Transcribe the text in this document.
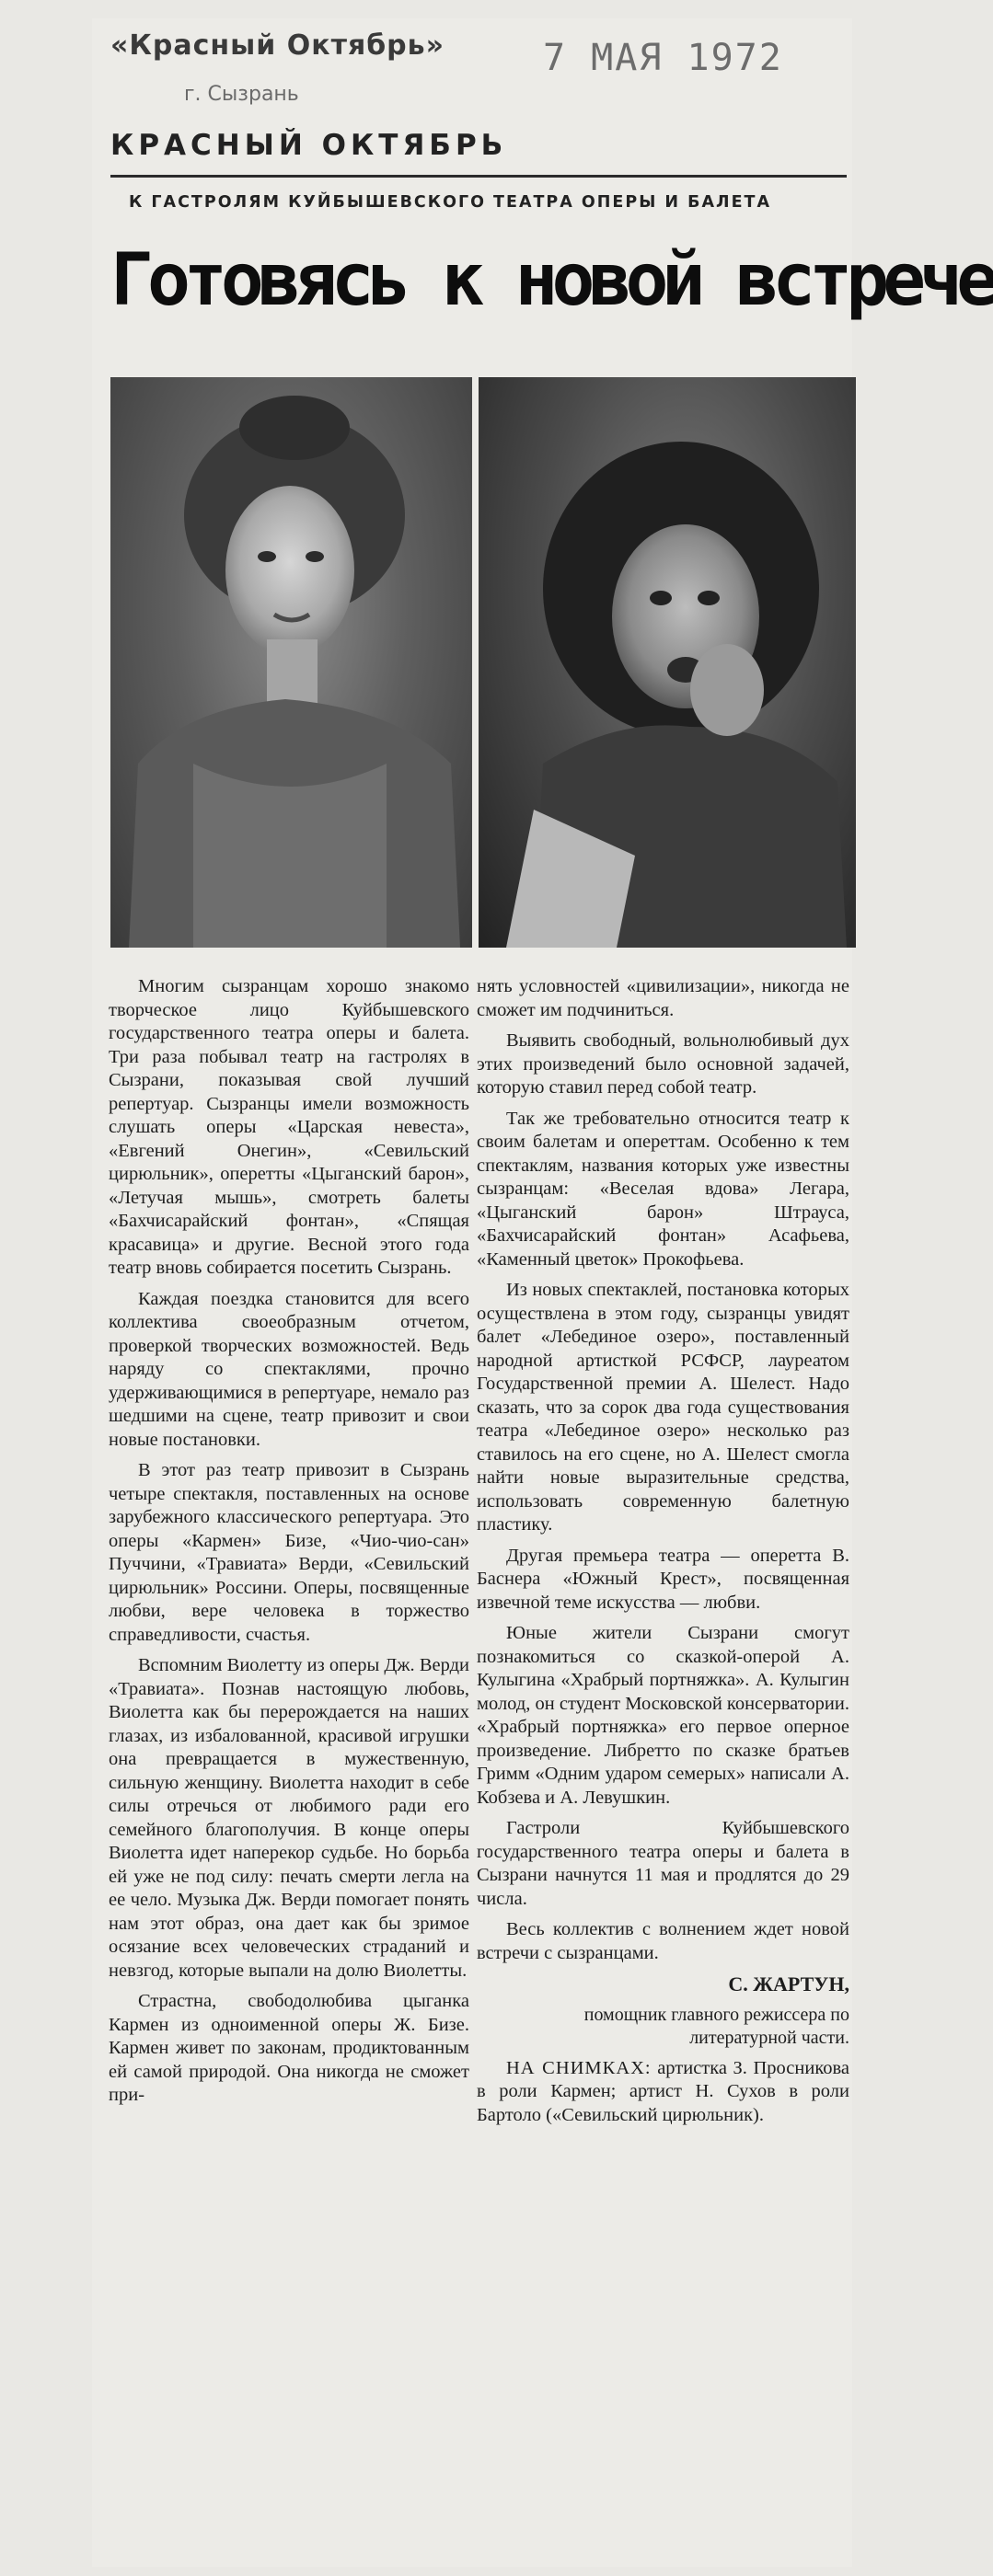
«Красный Октябрь»
г. Сызрань
7 МАЯ 1972
КРАСНЫЙ ОКТЯБРЬ
К ГАСТРОЛЯМ КУЙБЫШЕВСКОГО ТЕАТРА ОПЕРЫ И БАЛЕТА
Готовясь к новой встрече

Многим сызранцам хорошо знакомо творческое лицо Куйбышевского государственного театра оперы и балета. Три раза побывал театр на гастролях в Сызрани, показывая свой лучший репертуар. Сызранцы имели возможность слушать оперы «Царская невеста», «Евгений Онегин», «Севильский цирюльник», оперетты «Цыганский барон», «Летучая мышь», смотреть балеты «Бахчисарайский фонтан», «Спящая красавица» и другие. Весной этого года театр вновь собирается посетить Сызрань.

Каждая поездка становится для всего коллектива своеобразным отчетом, проверкой творческих возможностей. Ведь наряду со спектаклями, прочно удерживающимися в репертуаре, немало раз шедшими на сцене, театр привозит и свои новые постановки.

В этот раз театр привозит в Сызрань четыре спектакля, поставленных на основе зарубежного классического репертуара. Это оперы «Кармен» Бизе, «Чио-чио-сан» Пуччини, «Травиата» Верди, «Севильский цирюльник» Россини. Оперы, посвященные любви, вере человека в торжество справедливости, счастья.

Вспомним Виолетту из оперы Дж. Верди «Травиата». Познав настоящую любовь, Виолетта как бы перерождается на наших глазах, из избалованной, красивой игрушки она превращается в мужественную, сильную женщину. Виолетта находит в себе силы отречься от любимого ради его семейного благополучия. В конце оперы Виолетта идет наперекор судьбе. Но борьба ей уже не под силу: печать смерти легла на ее чело. Музыка Дж. Верди помогает понять нам этот образ, она дает как бы зримое осязание всех человеческих страданий и невзгод, которые выпали на долю Виолетты.

Страстна, свободолюбива цыганка Кармен из одноименной оперы Ж. Бизе. Кармен живет по законам, продиктованным ей самой природой. Она никогда не сможет при-

нять условностей «цивилизации», никогда не сможет им подчиниться.

Выявить свободный, вольнолюбивый дух этих произведений было основной задачей, которую ставил перед собой театр.

Так же требовательно относится театр к своим балетам и опереттам. Особенно к тем спектаклям, названия которых уже известны сызранцам: «Веселая вдова» Легара, «Цыганский барон» Штрауса, «Бахчисарайский фонтан» Асафьева, «Каменный цветок» Прокофьева.

Из новых спектаклей, постановка которых осуществлена в этом году, сызранцы увидят балет «Лебединое озеро», поставленный народной артисткой РСФСР, лауреатом Государственной премии А. Шелест. Надо сказать, что за сорок два года существования театра «Лебединое озеро» несколько раз ставилось на его сцене, но А. Шелест смогла найти новые выразительные средства, использовать современную балетную пластику.

Другая премьера театра — оперетта В. Баснера «Южный Крест», посвященная извечной теме искусства — любви.

Юные жители Сызрани смогут познакомиться со сказкой-оперой А. Кулыгина «Храбрый портняжка». А. Кулыгин молод, он студент Московской консерватории. «Храбрый портняжка» его первое оперное произведение. Либретто по сказке братьев Гримм «Одним ударом семерых» написали А. Кобзева и А. Левушкин.

Гастроли Куйбышевского государственного театра оперы и балета в Сызрани начнутся 11 мая и продлятся до 29 числа.

Весь коллектив с волнением ждет новой встречи с сызранцами.

С. ЖАРТУН,

помощник главного режиссера по литературной части.

НА СНИМКАХ: артистка З. Просникова в роли Кармен; артист Н. Сухов в роли Бартоло («Севильский цирюльник).
